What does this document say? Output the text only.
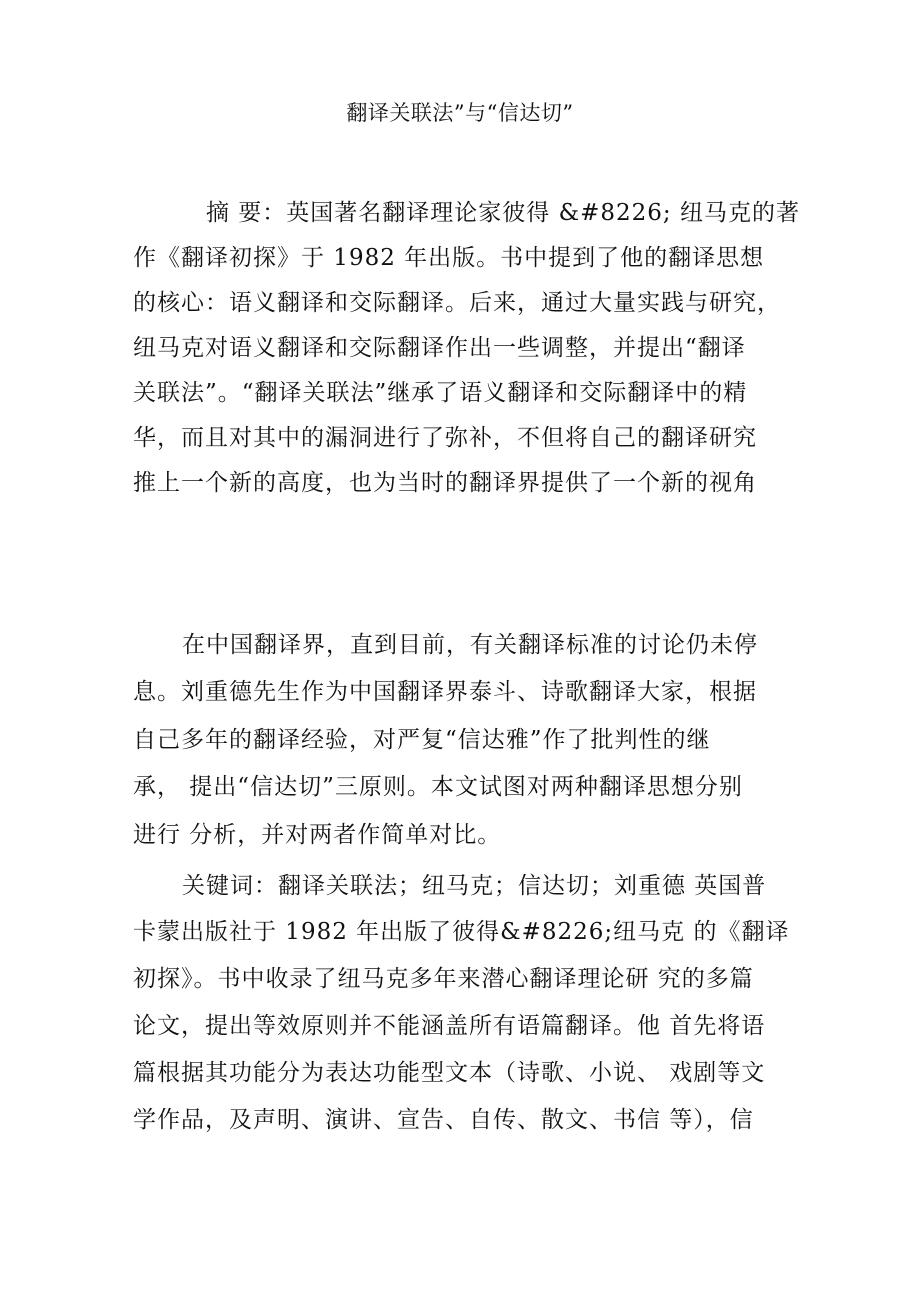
翻译关联法”与“信达切”
摘 要：英国著名翻译理论家彼得 &#8226; 纽马克的著
作《翻译初探》于 1982 年出版。书中提到了他的翻译思想
的核心：语义翻译和交际翻译。后来，通过大量实践与研究，
纽马克对语义翻译和交际翻译作出一些调整，并提出“翻译
关联法”。“翻译关联法”继承了语义翻译和交际翻译中的精
华，而且对其中的漏洞进行了弥补，不但将自己的翻译研究
推上一个新的高度，也为当时的翻译界提供了一个新的视角
在中国翻译界，直到目前，有关翻译标准的讨论仍未停
息。刘重德先生作为中国翻译界泰斗、诗歌翻译大家，根据
自己多年的翻译经验，对严复“信达雅”作了批判性的继
承， 提出“信达切”三原则。本文试图对两种翻译思想分别
进行 分析，并对两者作简单对比。
关键词：翻译关联法；纽马克；信达切；刘重德 英国普
卡蒙出版社于 1982 年出版了彼得&#8226;纽马克 的《翻译
初探》。书中收录了纽马克多年来潜心翻译理论研 究的多篇
论文，提出等效原则并不能涵盖所有语篇翻译。他 首先将语
篇根据其功能分为表达功能型文本（诗歌、小说、 戏剧等文
学作品，及声明、演讲、宣告、自传、散文、书信 等），信
